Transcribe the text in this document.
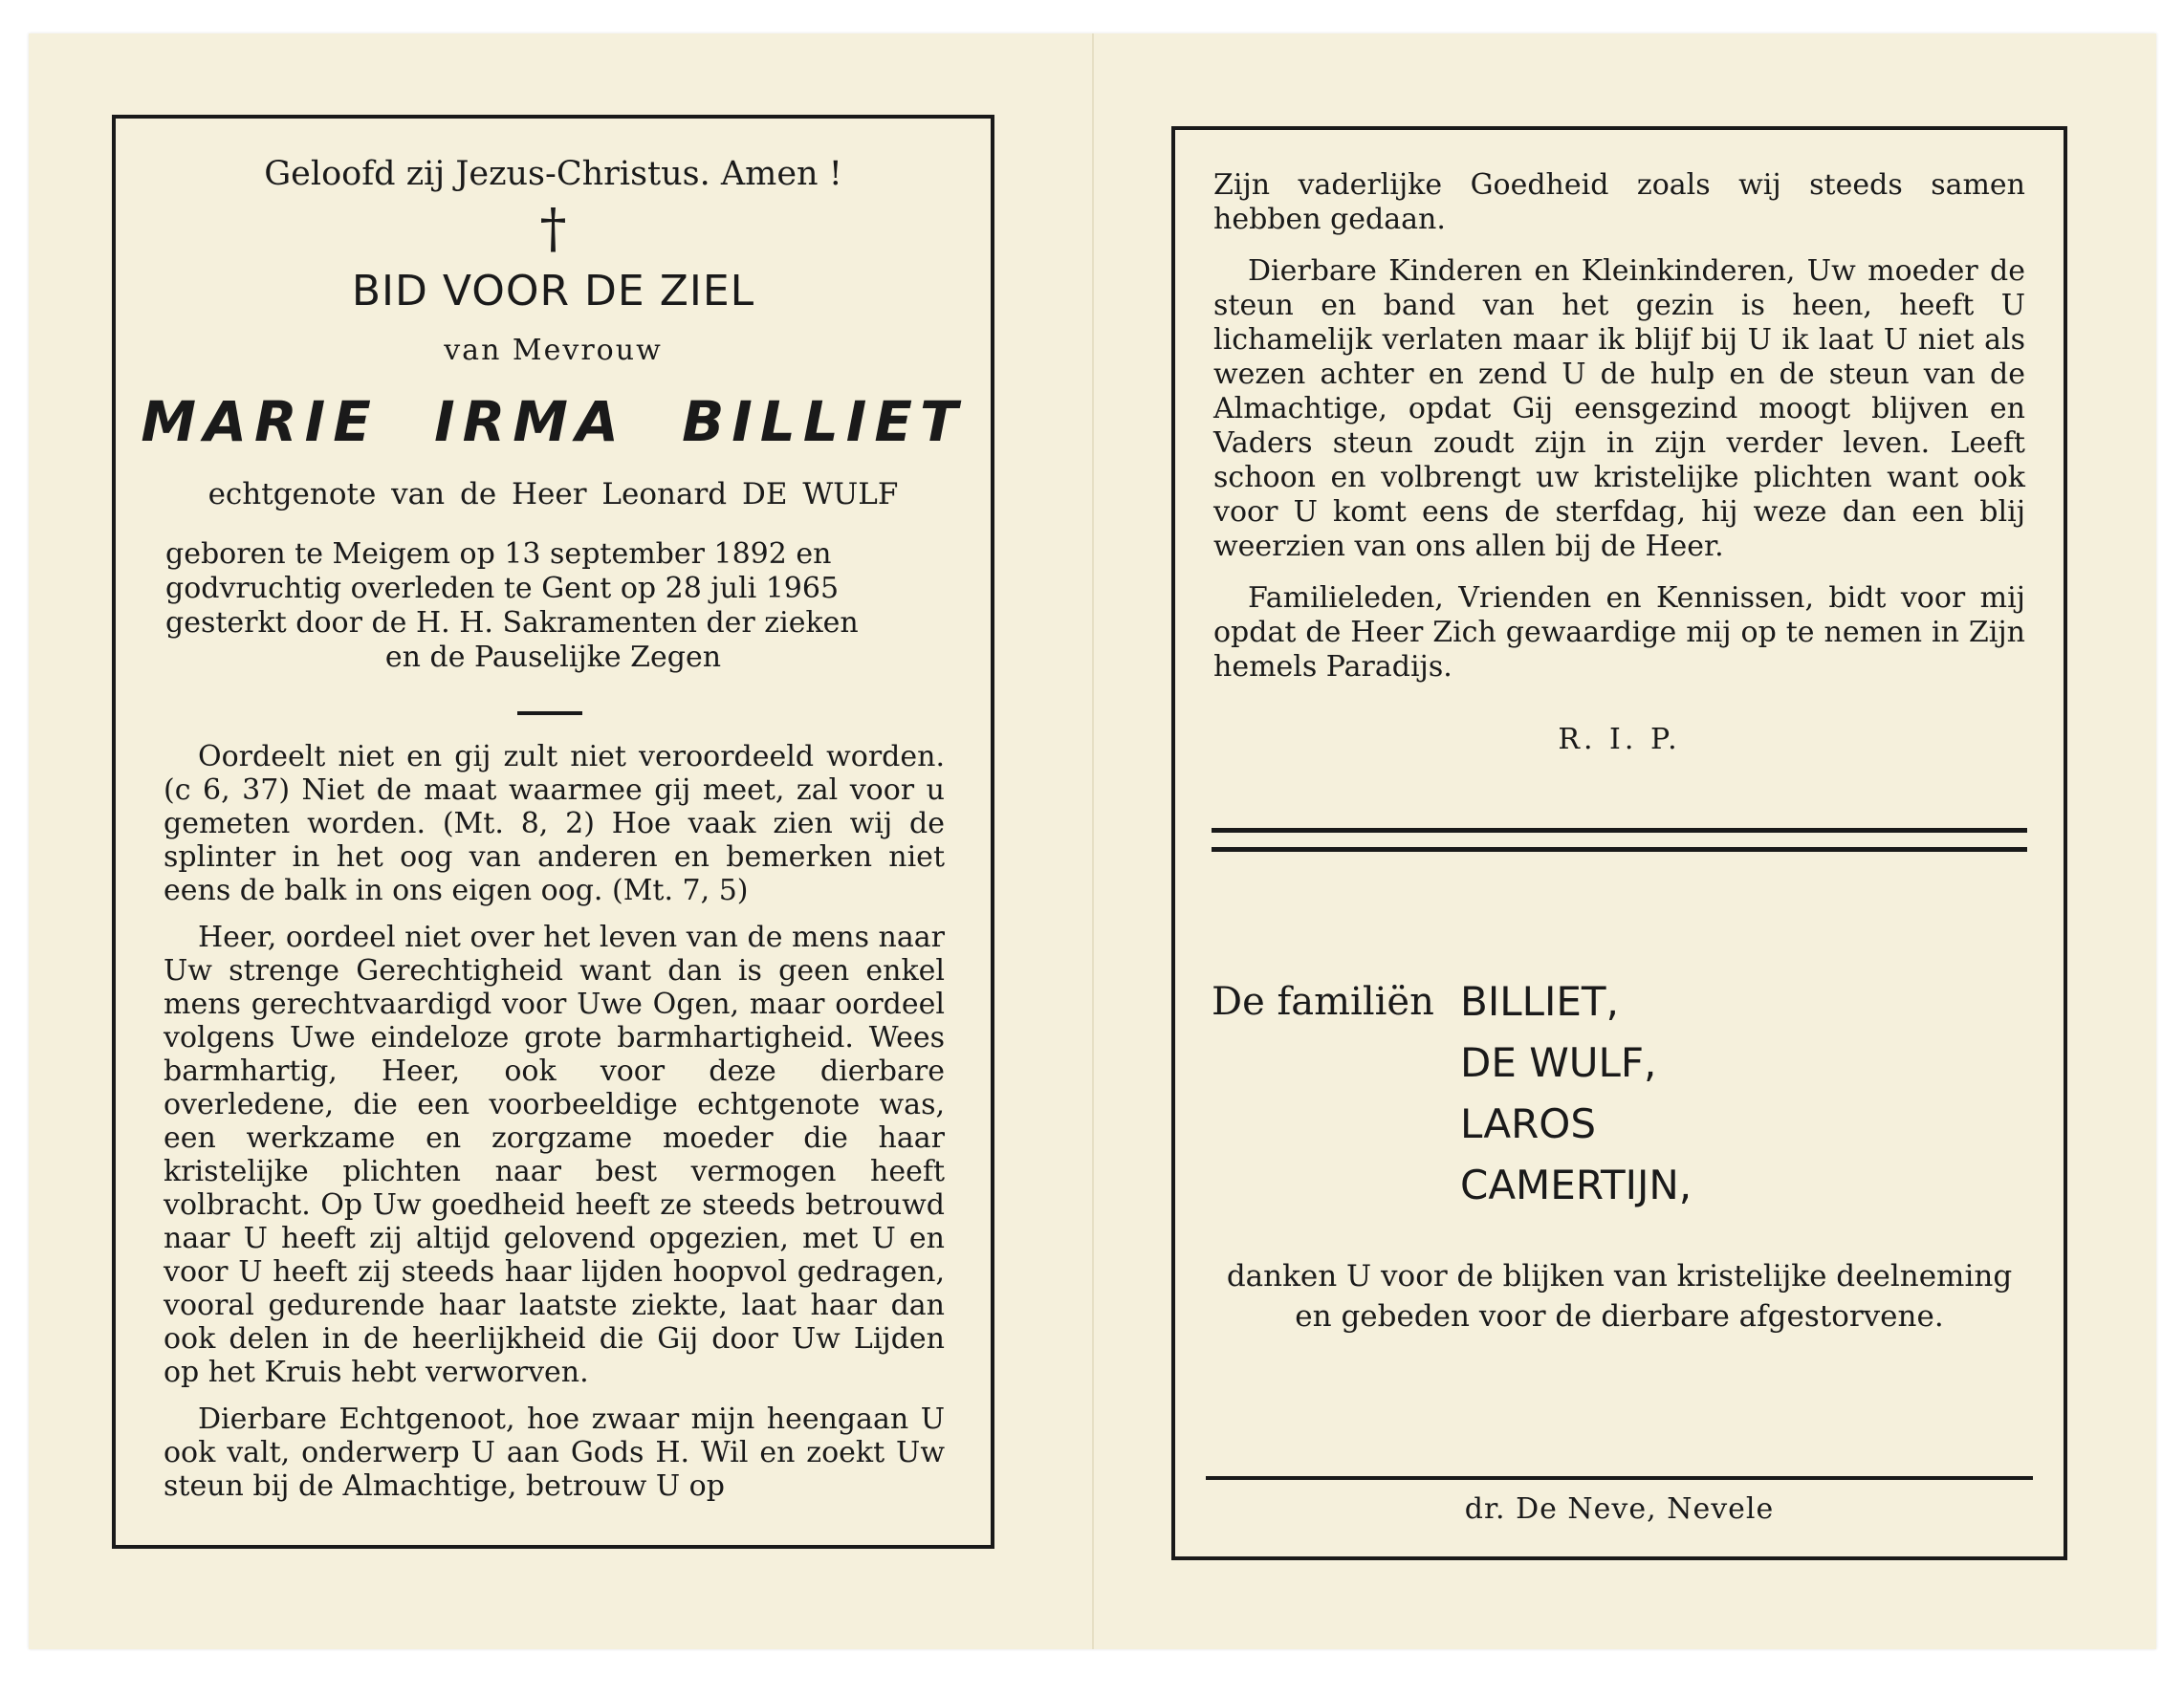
Geloofd zij Jezus-Christus. Amen !
†
BID VOOR DE ZIEL
van Mevrouw
MARIE IRMA BILLIET
echtgenote van de Heer Leonard DE WULF

geboren te Meigem op 13 september 1892 en

godvruchtig overleden te Gent op 28 juli 1965

gesterkt door de H. H. Sakramenten der zieken

en de Pauselijke Zegen

Oordeelt niet en gij zult niet veroordeeld worden. (c 6, 37) Niet de maat waarmee gij meet, zal voor u gemeten worden. (Mt. 8, 2) Hoe vaak zien wij de splinter in het oog van anderen en bemerken niet eens de balk in ons eigen oog. (Mt. 7, 5)

Heer, oordeel niet over het leven van de mens naar Uw strenge Gerechtigheid want dan is geen enkel mens gerechtvaardigd voor Uwe Ogen, maar oordeel volgens Uwe eindeloze grote barmhartigheid. Wees barmhartig, Heer, ook voor deze dierbare overledene, die een voorbeeldige echtgenote was, een werkzame en zorgzame moeder die haar kristelijke plichten naar best vermogen heeft volbracht. Op Uw goedheid heeft ze steeds betrouwd naar U heeft zij altijd gelovend opgezien, met U en voor U heeft zij steeds haar lijden hoopvol gedragen, vooral gedurende haar laatste ziekte, laat haar dan ook delen in de heerlijkheid die Gij door Uw Lijden op het Kruis hebt verworven.

Dierbare Echtgenoot, hoe zwaar mijn heengaan U ook valt, onderwerp U aan Gods H. Wil en zoekt Uw steun bij de Almachtige, betrouw U op

Zijn vaderlijke Goedheid zoals wij steeds samen hebben gedaan.

Dierbare Kinderen en Kleinkinderen, Uw moeder de steun en band van het gezin is heen, heeft U lichamelijk verlaten maar ik blijf bij U ik laat U niet als wezen achter en zend U de hulp en de steun van de Almachtige, opdat Gij eensgezind moogt blijven en Vaders steun zoudt zijn in zijn verder leven. Leeft schoon en volbrengt uw kristelijke plichten want ook voor U komt eens de sterfdag, hij weze dan een blij weerzien van ons allen bij de Heer.

Familieleden, Vrienden en Kennissen, bidt voor mij opdat de Heer Zich gewaardige mij op te nemen in Zijn hemels Paradijs.

R. I. P.
De familiën BILLIET,
DE WULF,
LAROS
CAMERTIJN,
danken U voor de blijken van kristelijke deelneming
en gebeden voor de dierbare afgestorvene.
dr. De Neve, Nevele
